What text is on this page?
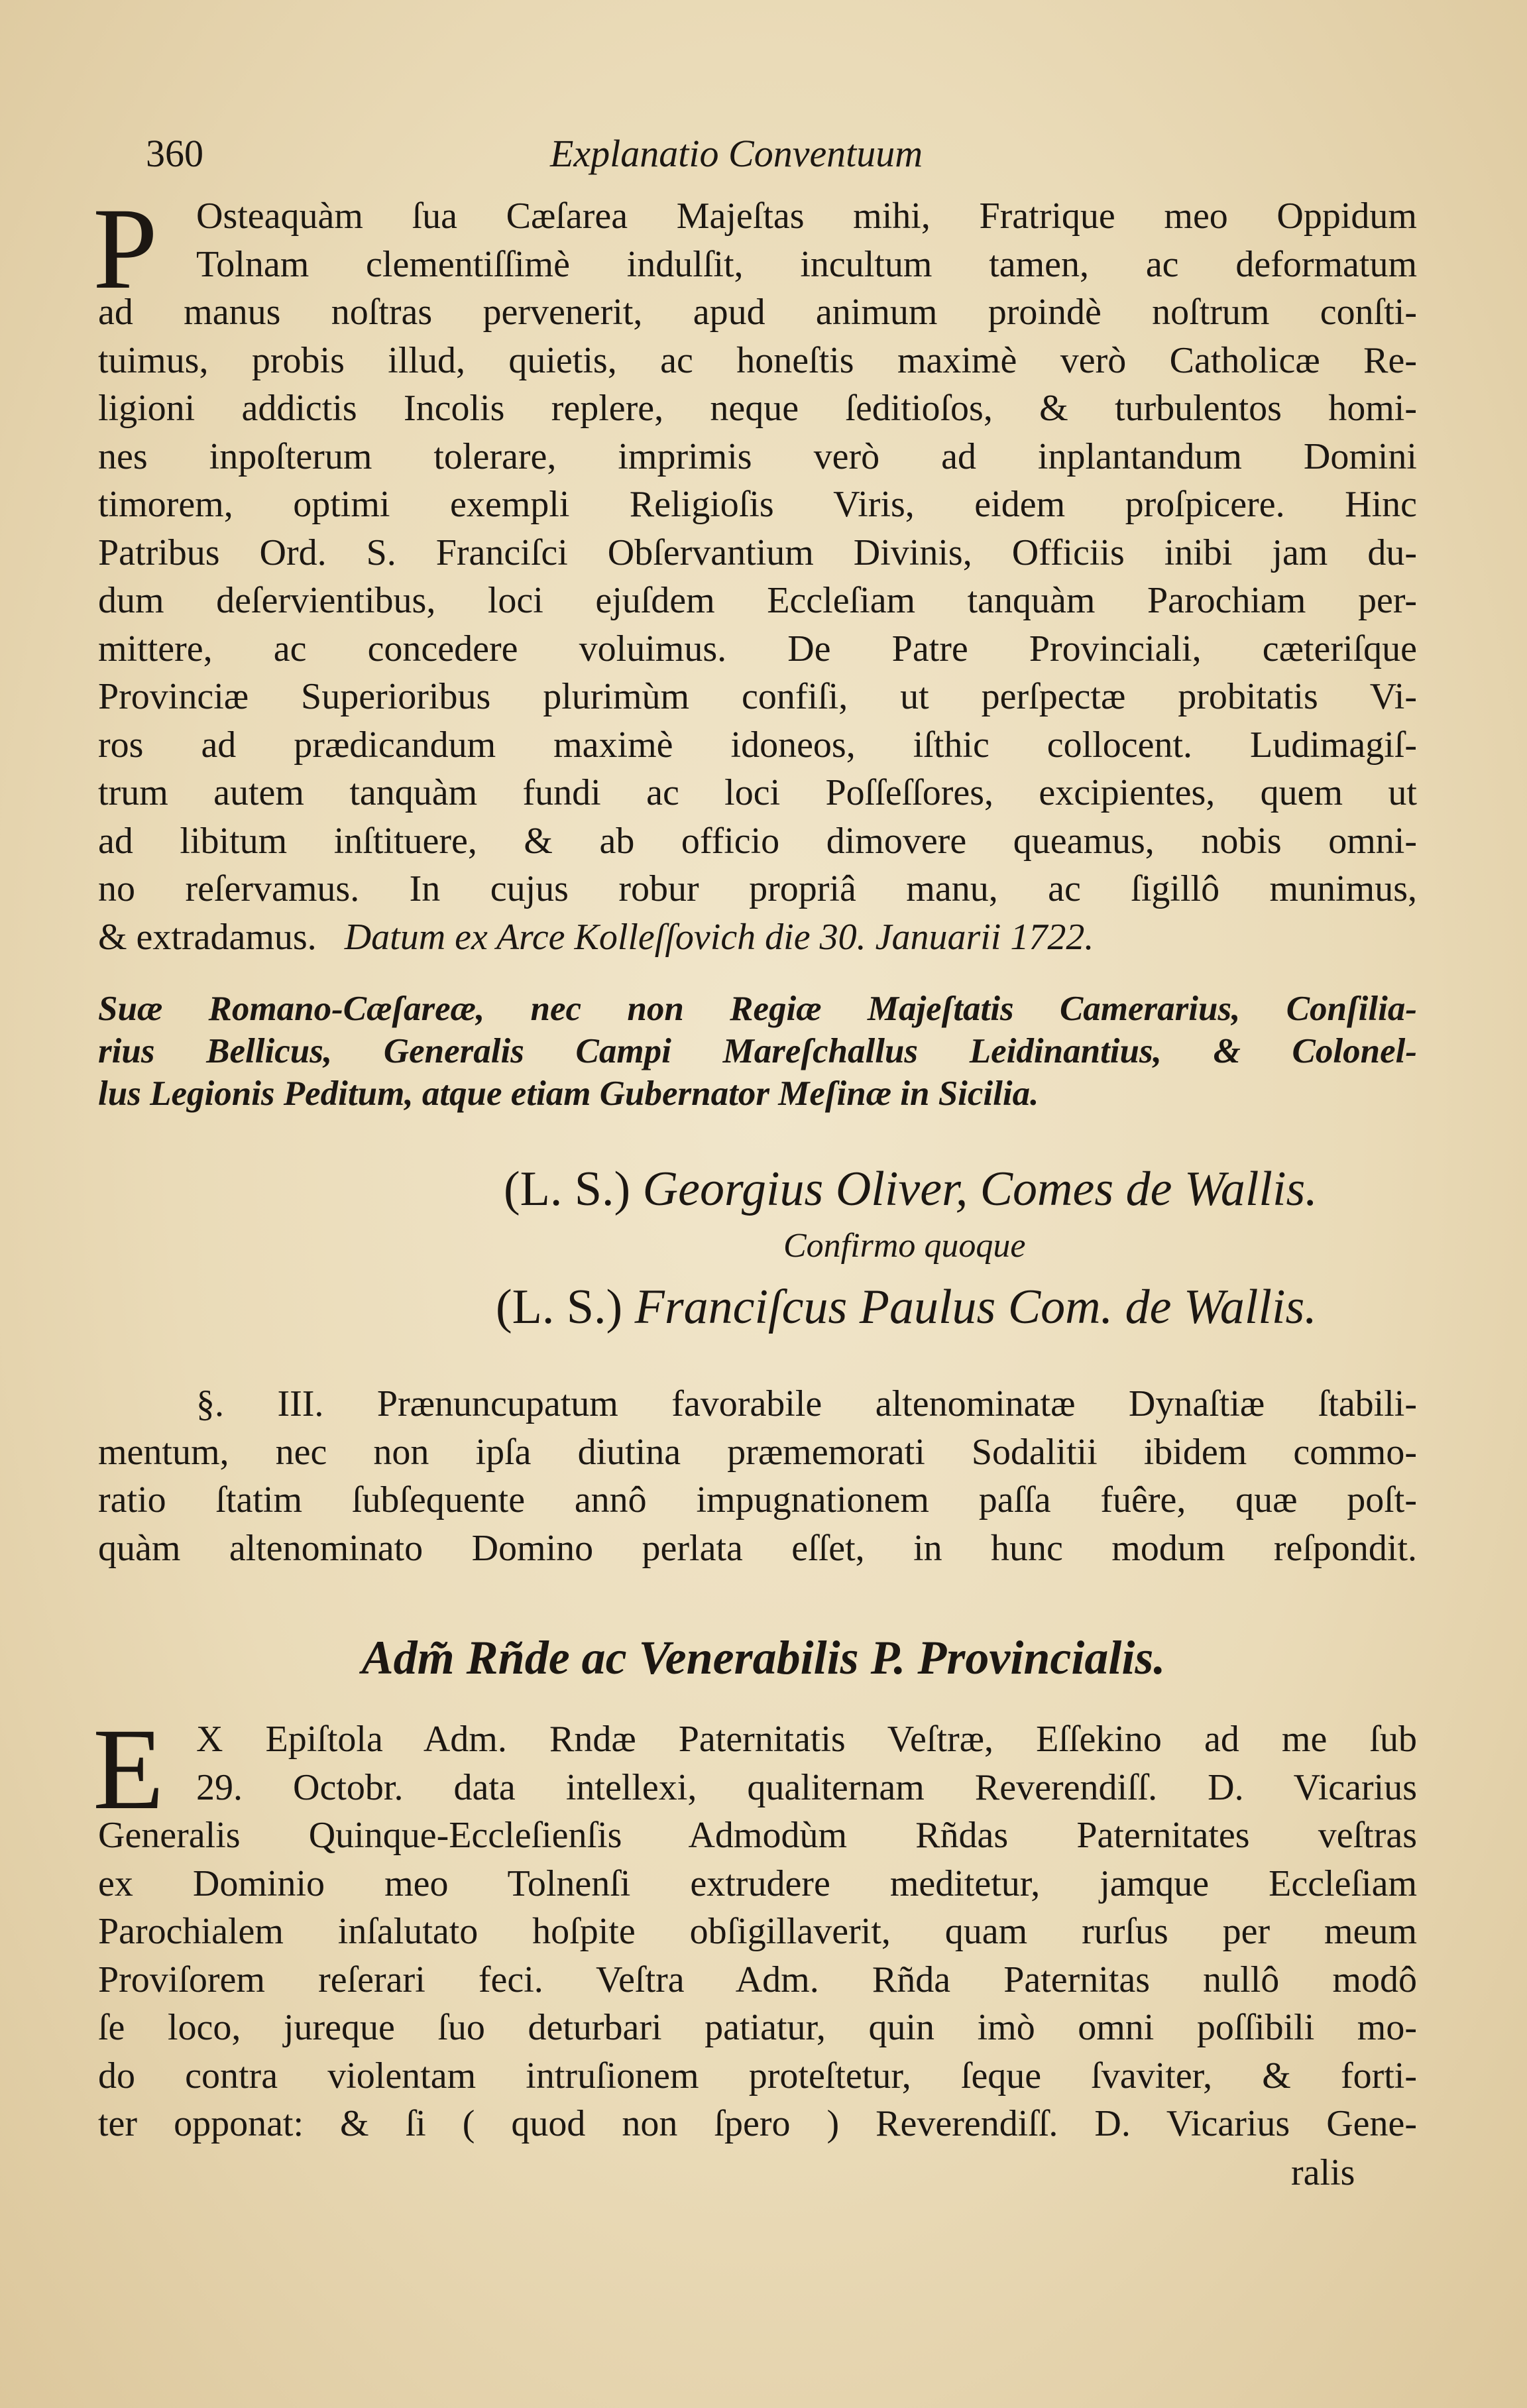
360	Explanatio Conventuum
P	Osteaquàm ſua Cæſarea Majeſtas mihi, Fratrique meo Oppidum
Tolnam clementiſſimè indulſit, incultum tamen, ac deformatum
ad manus noſtras pervenerit, apud animum proindè noſtrum conſti-
tuimus, probis illud, quietis, ac honeſtis maximè verò Catholicæ Re-
ligioni addictis Incolis replere, neque ſeditioſos, & turbulentos homi-
nes inpoſterum tolerare, imprimis verò ad inplantandum Domini
timorem, optimi exempli Religioſis Viris, eidem proſpicere. Hinc
Patribus Ord. S. Franciſci Obſervantium Divinis, Officiis inibi jam du-
dum deſervientibus, loci ejuſdem Eccleſiam tanquàm Parochiam per-
mittere, ac concedere voluimus. De Patre Provinciali, cæteriſque
Provinciæ Superioribus plurimùm confiſi, ut perſpectæ probitatis Vi-
ros ad prædicandum maximè idoneos, iſthic collocent. Ludimagiſ-
trum autem tanquàm fundi ac loci Poſſeſſores, excipientes, quem ut
ad libitum inſtituere, & ab officio dimovere queamus, nobis omni-
no reſervamus. In cujus robur propriâ manu, ac ſigillô munimus,
& extradamus. Datum ex Arce Kolleſſovich die 30. Januarii 1722.
Suæ Romano-Cæſareæ, nec non Regiæ Majeſtatis Camerarius, Conſilia-
rius Bellicus, Generalis Campi Mareſchallus Leidinantius, & Colonel-
lus Legionis Peditum, atque etiam Gubernator Meſinæ in Sicilia.
(L. S.) Georgius Oliver, Comes de Wallis.
Confirmo quoque
(L. S.) Franciſcus Paulus Com. de Wallis.
§. III. Prænuncupatum favorabile altenominatæ Dynaſtiæ ſtabili-
mentum, nec non ipſa diutina præmemorati Sodalitii ibidem commo-
ratio ſtatim ſubſequente annô impugnationem paſſa fuêre, quæ poſt-
quàm altenominato Domino perlata eſſet, in hunc modum reſpondit.
Adm̃ Rñde ac Venerabilis P. Provincialis.
E X Epiſtola Adm. Rndæ Paternitatis Veſtræ, Eſſekino ad me ſub
29. Octobr. data intellexi, qualiternam Reverendiſſ. D. Vicarius
Generalis Quinque-Eccleſienſis Admodùm Rñdas Paternitates veſtras
ex Dominio meo Tolnenſi extrudere meditetur, jamque Eccleſiam
Parochialem inſalutato hoſpite obſigillaverit, quam rurſus per meum
Proviſorem reſerari feci. Veſtra Adm. Rñda Paternitas nullô modô
ſe loco, jureque ſuo deturbari patiatur, quin imò omni poſſibili mo-
do contra violentam intruſionem proteſtetur, ſeque ſvaviter, & forti-
ter opponat: & ſi ( quod non ſpero ) Reverendiſſ. D. Vicarius Gene-
ralis
